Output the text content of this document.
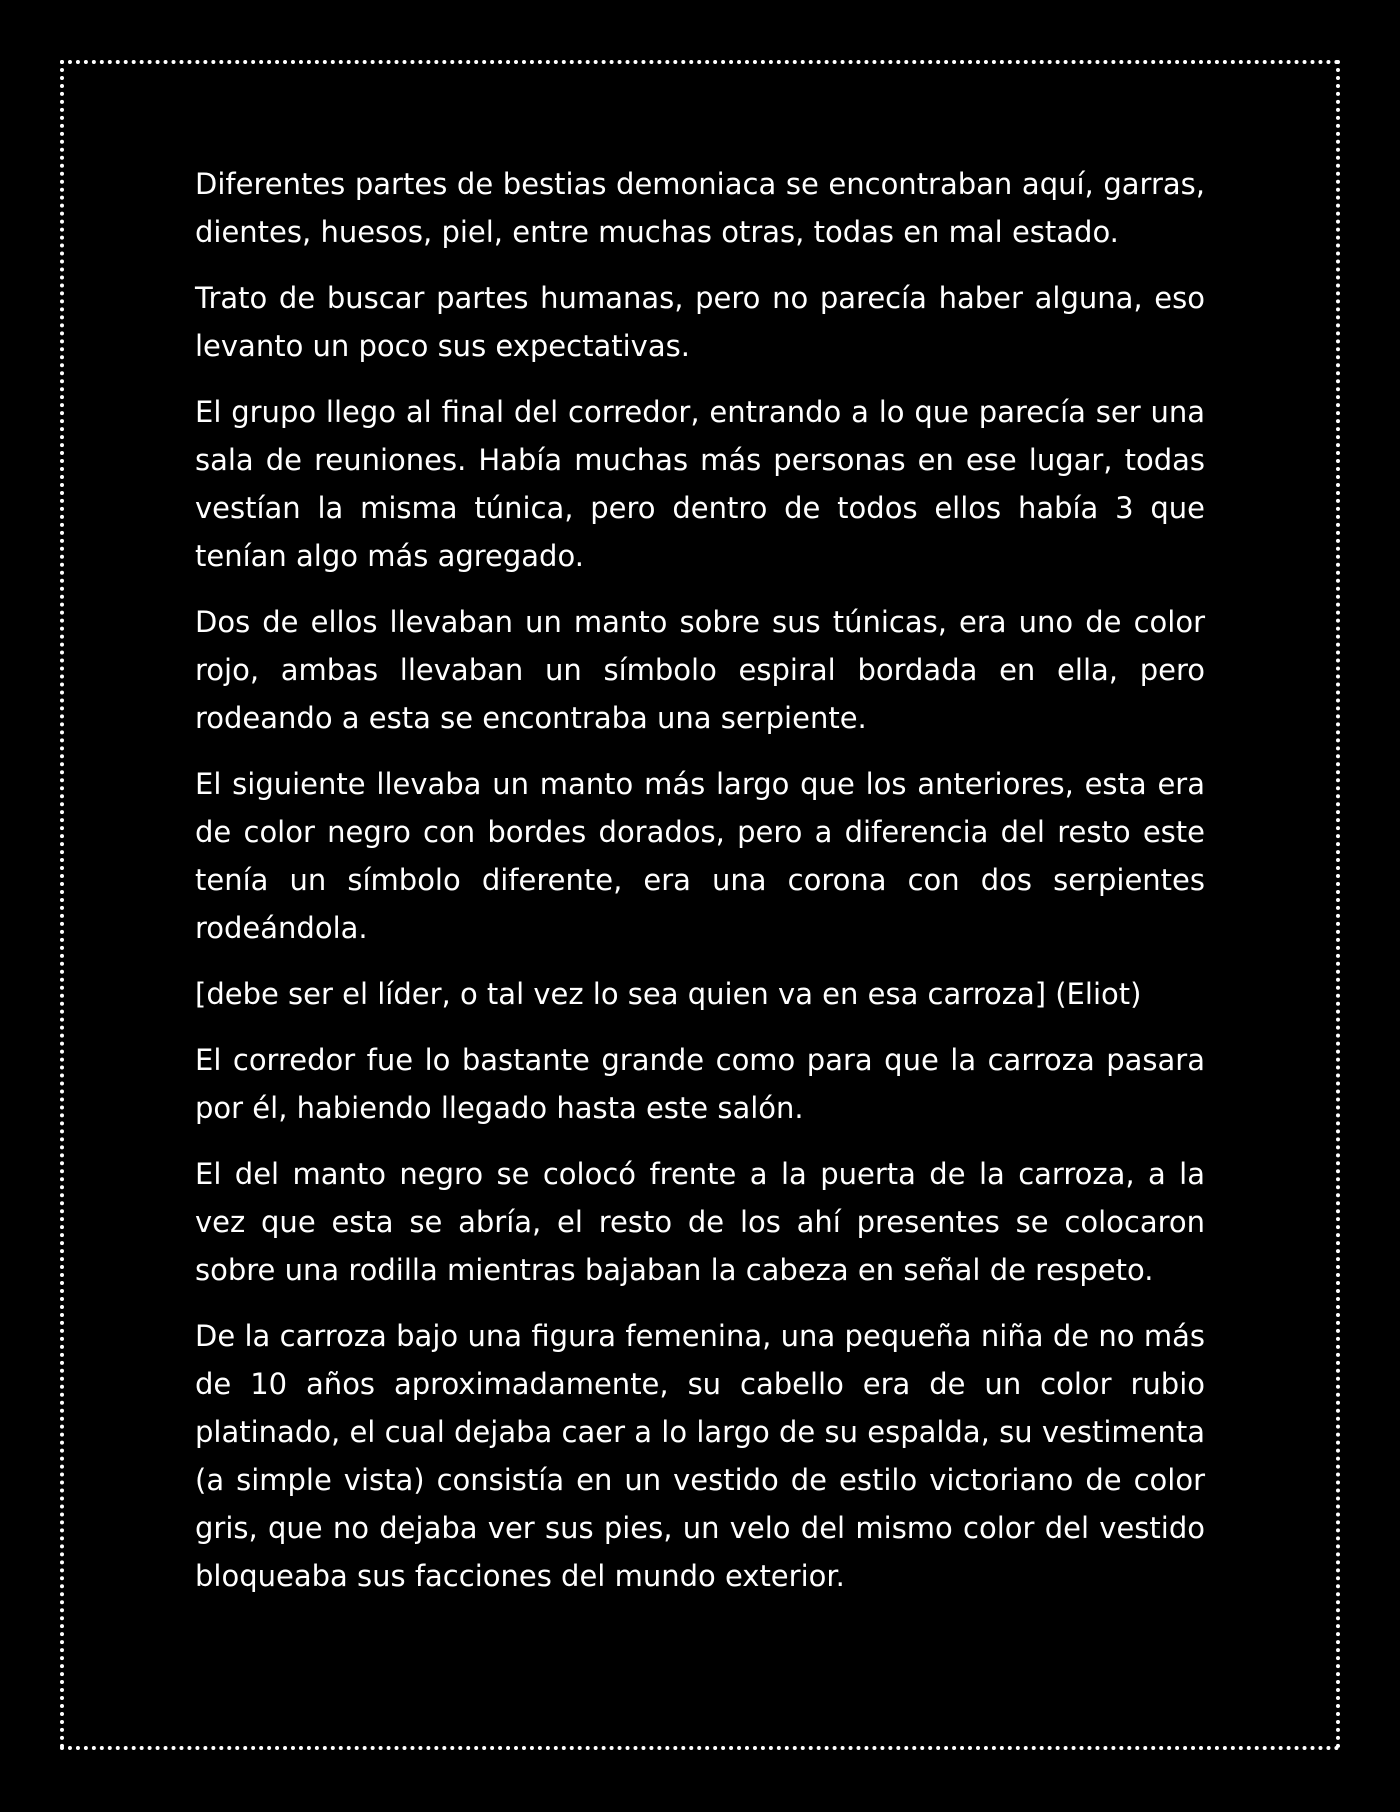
Diferentes partes de bestias demoniaca se encontraban aquí, garras, dientes, huesos, piel, entre muchas otras, todas en mal estado.

Trato de buscar partes humanas, pero no parecía haber alguna, eso levanto un poco sus expectativas.

El grupo llego al final del corredor, entrando a lo que parecía ser una sala de reuniones. Había muchas más personas en ese lugar, todas vestían la misma túnica, pero dentro de todos ellos había 3 que tenían algo más agregado.

Dos de ellos llevaban un manto sobre sus túnicas, era uno de color rojo, ambas llevaban un símbolo espiral bordada en ella, pero rodeando a esta se encontraba una serpiente.

El siguiente llevaba un manto más largo que los anteriores, esta era de color negro con bordes dorados, pero a diferencia del resto este tenía un símbolo diferente, era una corona con dos serpientes rodeándola.

[debe ser el líder, o tal vez lo sea quien va en esa carroza] (Eliot)

El corredor fue lo bastante grande como para que la carroza pasara por él, habiendo llegado hasta este salón.

El del manto negro se colocó frente a la puerta de la carroza, a la vez que esta se abría, el resto de los ahí presentes se colocaron sobre una rodilla mientras bajaban la cabeza en señal de respeto.

De la carroza bajo una figura femenina, una pequeña niña de no más de 10 años aproximadamente, su cabello era de un color rubio platinado, el cual dejaba caer a lo largo de su espalda, su vestimenta (a simple vista) consistía en un vestido de estilo victoriano de color gris, que no dejaba ver sus pies, un velo del mismo color del vestido bloqueaba sus facciones del mundo exterior.
